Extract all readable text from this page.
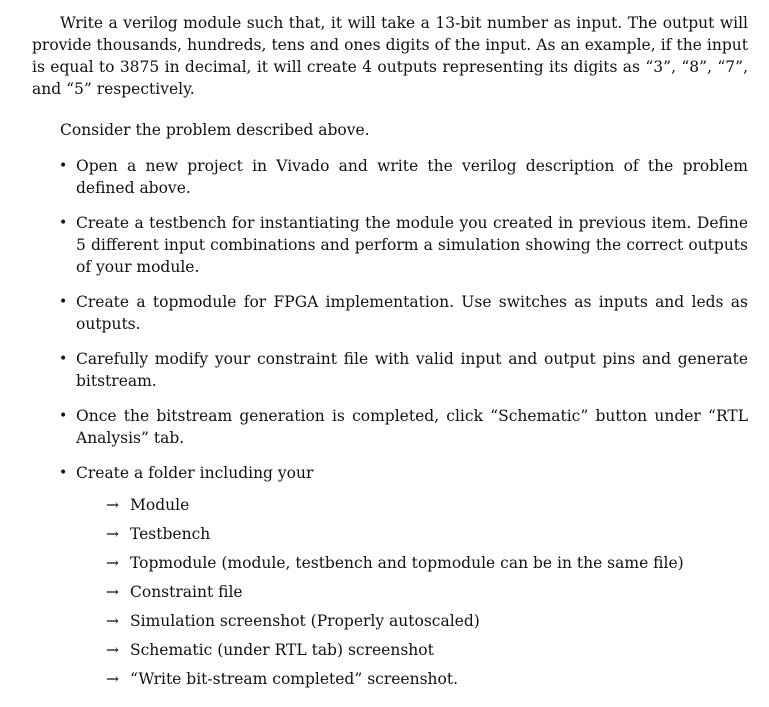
Write a verilog module such that, it will take a 13-bit number as input. The output will provide thousands, hundreds, tens and ones digits of the input. As an example, if the input is equal to 3875 in decimal, it will create 4 outputs representing its digits as “3”, “8”, “7”, and “5” respectively.

Consider the problem described above.

• Open a new project in Vivado and write the verilog description of the problem defined above.
• Create a testbench for instantiating the module you created in previous item. Define 5 different input combinations and perform a simulation showing the correct outputs of your module.
• Create a topmodule for FPGA implementation. Use switches as inputs and leds as outputs.
• Carefully modify your constraint file with valid input and output pins and generate bitstream.
• Once the bitstream generation is completed, click “Schematic” button under “RTL Analysis” tab.
• Create a folder including your
→ Module
→ Testbench
→ Topmodule (module, testbench and topmodule can be in the same file)
→ Constraint file
→ Simulation screenshot (Properly autoscaled)
→ Schematic (under RTL tab) screenshot
→ “Write bit-stream completed” screenshot.
